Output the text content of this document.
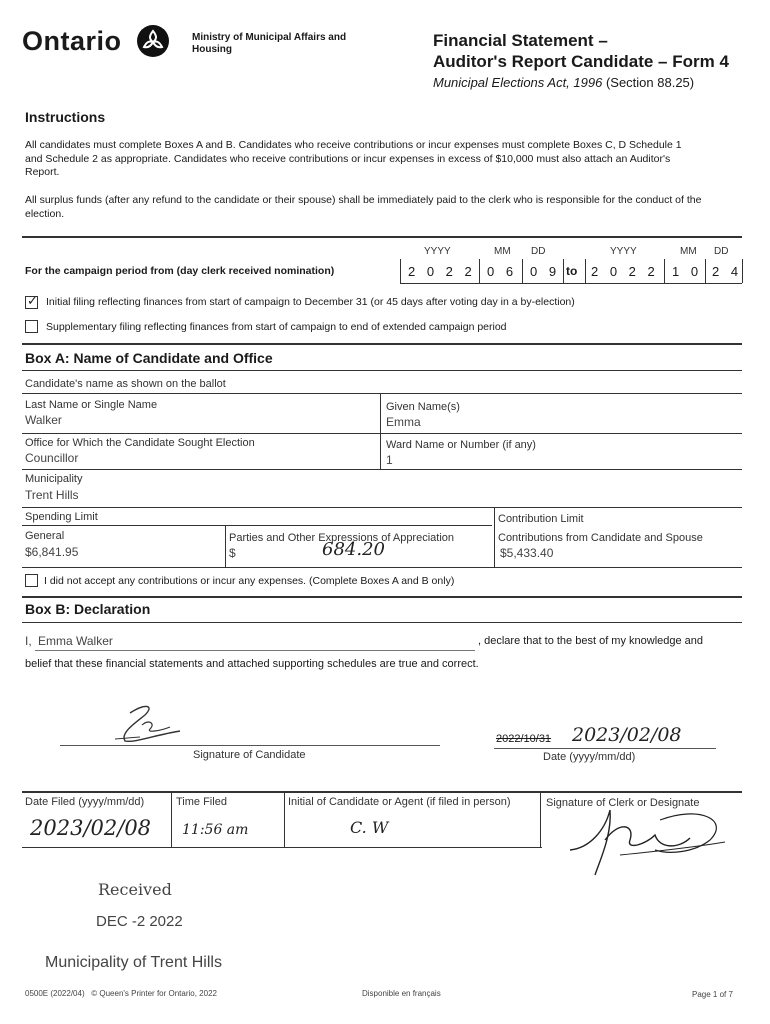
Ontario	Ministry of Municipal Affairs and Housing	Financial Statement –
Auditor's Report Candidate – Form 4
Municipal Elections Act, 1996 (Section 88.25)
Instructions
All candidates must complete Boxes A and B. Candidates who receive contributions or incur expenses must complete Boxes C, D Schedule 1 and Schedule 2 as appropriate. Candidates who receive contributions or incur expenses in excess of $10,000 must also attach an Auditor's Report.
All surplus funds (after any refund to the candidate or their spouse) shall be immediately paid to the clerk who is responsible for the conduct of the election.
YYYY	MM DD	YYYY	MM DD
For the campaign period from (day clerk received nomination)	2 0 2 2 0 6 0 9 to 2 0 2 2 1 0 2 4
✓ Initial filing reflecting finances from start of campaign to December 31 (or 45 days after voting day in a by-election)
Supplementary filing reflecting finances from start of campaign to end of extended campaign period
Box A: Name of Candidate and Office
Candidate's name as shown on the ballot
Last Name or Single Name
Walker
Given Name(s)
Emma
Office for Which the Candidate Sought Election
Councillor
Ward Name or Number (if any)
1
Municipality
Trent Hills
Spending Limit	Contribution Limit
General
$6,841.95
Parties and Other Expressions of Appreciation
$	684.20
Contributions from Candidate and Spouse
$5,433.40
I did not accept any contributions or incur any expenses. (Complete Boxes A and B only)
Box B: Declaration
I, Emma Walker	, declare that to the best of my knowledge and
belief that these financial statements and attached supporting schedules are true and correct.
Signature of Candidate
2022/10/31 2023/02/08
Date (yyyy/mm/dd)
Date Filed (yyyy/mm/dd)	Time Filed	Initial of Candidate or Agent (if filed in person)	Signature of Clerk or Designate
2023/02/08 11:56 am	C. W
Received
DEC -2 2022
Municipality of Trent Hills
0500E (2022/04)   © Queen's Printer for Ontario, 2022	Disponible en français	Page 1 of 7
